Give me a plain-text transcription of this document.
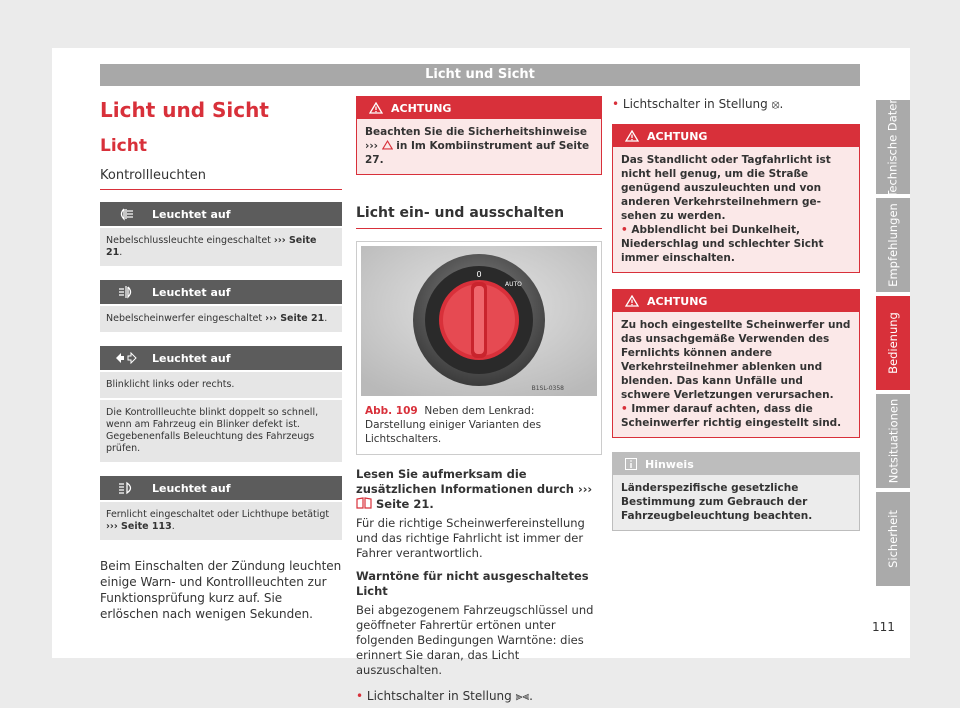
Licht und Sicht
Licht und Sicht
Licht
Kontrollleuchten
Leuchtet auf
Nebelschlussleuchte eingeschaltet ››› Seite 21.
Leuchtet auf
Nebelscheinwerfer eingeschaltet ››› Seite 21.
Leuchtet auf
Blinklicht links oder rechts.
Die Kontrollleuchte blinkt doppelt so schnell, wenn am Fahrzeug ein Blinker defekt ist. Gegebenenfalls Beleuchtung des Fahrzeugs prüfen.
Leuchtet auf
Fernlicht eingeschaltet oder Lichthupe betätigt ››› Seite 113.
Beim Einschalten der Zündung leuchten einige Warn- und Kontrollleuchten zur Funktionsprüfung kurz auf. Sie erlöschen nach wenigen Sekunden.
ACHTUNG
Beachten Sie die Sicherheitshinweise ›››  in Im Kombiinstrument auf Seite 27.
Licht ein- und ausschalten
0
AUTO
B1SL-0358
Abb. 109 Neben dem Lenkrad: Darstellung einiger Varianten des Lichtschalters.
Lesen Sie aufmerksam die zusätzlichen Informationen durch ›››  Seite 21.
Für die richtige Scheinwerfereinstellung und das richtige Fahrlicht ist immer der Fahrer verantwortlich.
Warntöne für nicht ausgeschaltetes Licht
Bei abgezogenem Fahrzeugschlüssel und geöffneter Fahrertür ertönen unter folgenden Bedingungen Warntöne: dies erinnert Sie daran, das Licht auszuschalten.
• Lichtschalter in Stellung ⫸⫷.
• Lichtschalter in Stellung ⦻.
ACHTUNG
Das Standlicht oder Tagfahrlicht ist nicht hell genug, um die Straße genügend auszuleuchten und von anderen Verkehrsteilnehmern gesehen zu werden.
• Abblendlicht bei Dunkelheit, Niederschlag und schlechter Sicht immer einschalten.
ACHTUNG
Zu hoch eingestellte Scheinwerfer und das unsachgemäße Verwenden des Fernlichts können andere Verkehrsteilnehmer ablenken und blenden. Das kann Unfälle und schwere Verletzungen verursachen.
• Immer darauf achten, dass die Scheinwerfer richtig eingestellt sind.
Hinweis
Länderspezifische gesetzliche Bestimmung zum Gebrauch der Fahrzeugbeleuchtung beachten.
Technische Daten
Empfehlungen
Bedienung
Notsituationen
Sicherheit
111
